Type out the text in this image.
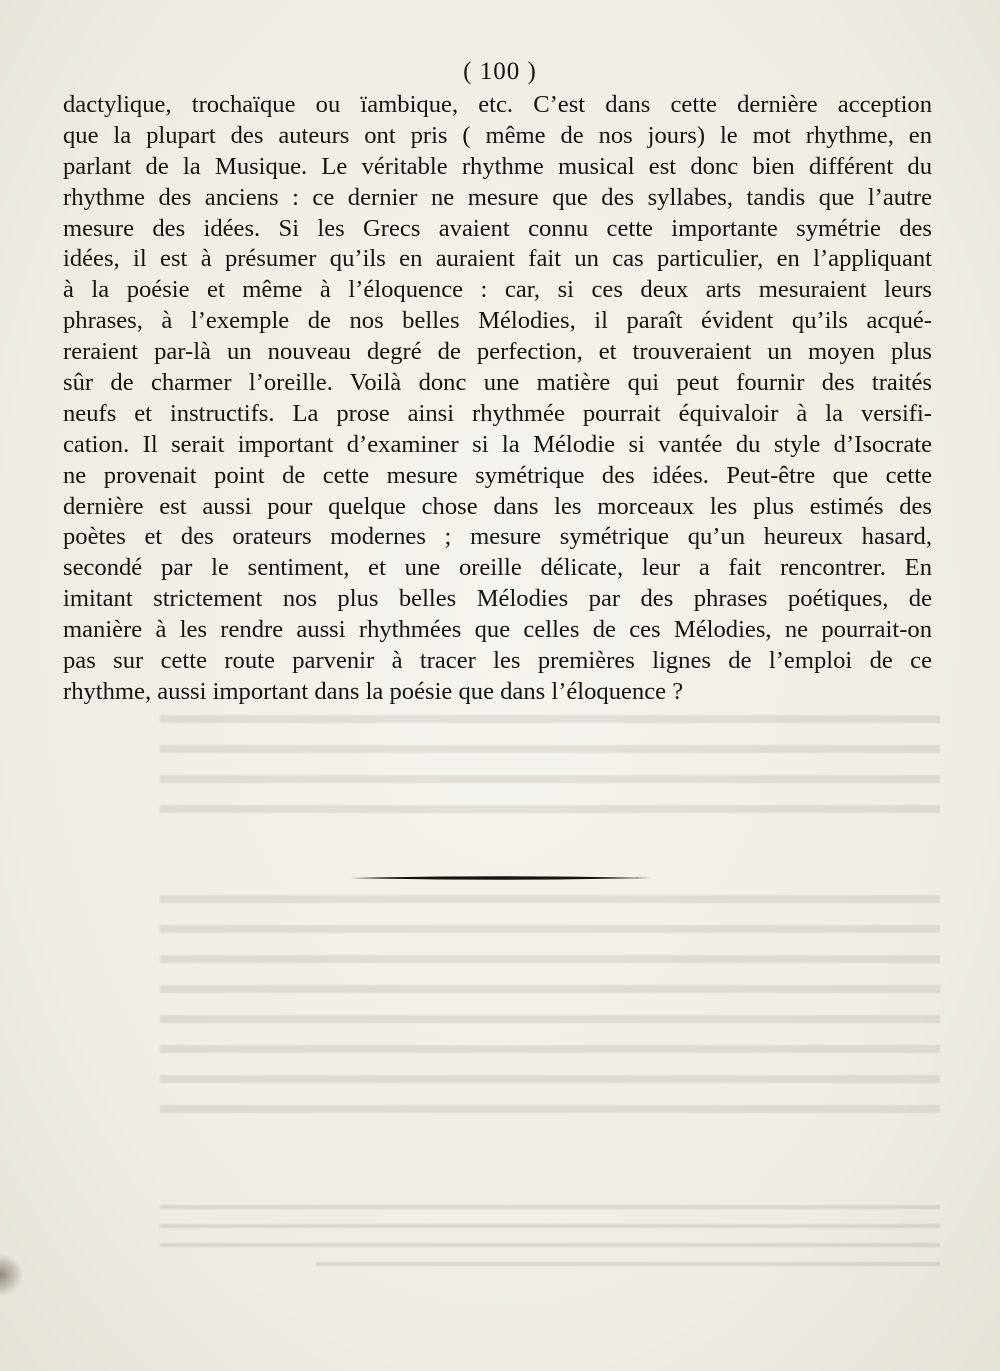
▬▬▬▬▬▬▬▬▬▬▬▬▬▬▬▬▬▬▬▬▬▬▬▬▬▬▬▬▬▬
▬▬▬▬▬▬▬▬▬▬▬▬▬▬▬▬▬▬▬▬▬▬▬▬▬▬▬▬▬▬
▬▬▬▬▬▬▬▬▬▬▬▬▬▬▬▬▬▬▬▬▬▬▬▬▬▬▬▬▬▬
▬▬▬▬▬▬▬▬▬▬▬▬▬▬▬▬▬▬▬▬▬▬▬▬▬▬▬▬▬▬
▬▬▬▬▬▬▬▬▬▬▬▬▬▬▬▬▬▬▬▬▬▬▬▬▬▬▬▬▬▬
▬▬▬▬▬▬▬▬▬▬▬▬▬▬▬▬▬▬▬▬▬▬▬▬▬▬▬▬▬▬
▬▬▬▬▬▬▬▬▬▬▬▬▬▬▬▬▬▬▬▬▬▬▬▬▬▬▬▬▬▬
▬▬▬▬▬▬▬▬▬▬▬▬▬▬▬▬▬▬▬▬▬▬▬▬▬▬▬▬▬▬
▬▬▬▬▬▬▬▬▬▬▬▬▬▬▬▬▬▬▬▬▬▬▬▬▬▬▬▬▬▬
▬▬▬▬▬▬▬▬▬▬▬▬▬▬▬▬▬▬▬▬▬▬▬▬▬▬▬▬▬▬
▬▬▬▬▬▬▬▬▬▬▬▬▬▬▬▬▬▬▬▬▬▬▬▬▬▬▬▬▬▬
▬▬▬▬▬▬▬▬▬▬▬▬▬▬▬▬▬▬▬▬▬▬▬▬▬▬▬▬▬▬
▬▬▬▬▬▬▬▬▬▬▬▬▬▬▬▬▬▬▬▬▬▬▬▬▬▬▬▬▬▬▬▬▬▬▬▬▬▬▬▬▬▬▬▬▬▬▬▬▬▬▬▬▬▬▬▬▬▬▬▬
▬▬▬▬▬▬▬▬▬▬▬▬▬▬▬▬▬▬▬▬▬▬▬▬▬▬▬▬▬▬▬▬▬▬▬▬▬▬▬▬▬▬▬▬▬▬▬▬▬▬▬▬▬▬▬▬▬▬▬▬
▬▬▬▬▬▬▬▬▬▬▬▬▬▬▬▬▬▬▬▬▬▬▬▬▬▬▬▬▬▬▬▬▬▬▬▬▬▬▬▬▬▬▬▬▬▬▬▬▬▬▬▬▬▬▬▬▬▬▬▬
▬▬▬▬▬▬▬▬▬▬▬▬▬▬▬▬▬▬▬▬▬▬▬▬▬▬▬▬▬▬▬▬▬▬▬▬▬▬▬▬▬▬▬▬▬▬▬▬
( 100 )
dactylique, trochaïque ou ïambique, etc. C’est dans cette dernière acception
que la plupart des auteurs ont pris ( même de nos jours) le mot rhythme, en
parlant de la Musique. Le véritable rhythme musical est donc bien différent du
rhythme des anciens : ce dernier ne mesure que des syllabes, tandis que l’autre
mesure des idées. Si les Grecs avaient connu cette importante symétrie des
idées, il est à présumer qu’ils en auraient fait un cas particulier, en l’appliquant
à la poésie et même à l’éloquence : car, si ces deux arts mesuraient leurs
phrases, à l’exemple de nos belles Mélodies, il paraît évident qu’ils acqué-
reraient par-là un nouveau degré de perfection, et trouveraient un moyen plus
sûr de charmer l’oreille. Voilà donc une matière qui peut fournir des traités
neufs et instructifs. La prose ainsi rhythmée pourrait équivaloir à la versifi-
cation. Il serait important d’examiner si la Mélodie si vantée du style d’Isocrate
ne provenait point de cette mesure symétrique des idées. Peut-être que cette
dernière est aussi pour quelque chose dans les morceaux les plus estimés des
poètes et des orateurs modernes ; mesure symétrique qu’un heureux hasard,
secondé par le sentiment, et une oreille délicate, leur a fait rencontrer. En
imitant strictement nos plus belles Mélodies par des phrases poétiques, de
manière à les rendre aussi rhythmées que celles de ces Mélodies, ne pourrait-on
pas sur cette route parvenir à tracer les premières lignes de l’emploi de ce
rhythme, aussi important dans la poésie que dans l’éloquence ?
